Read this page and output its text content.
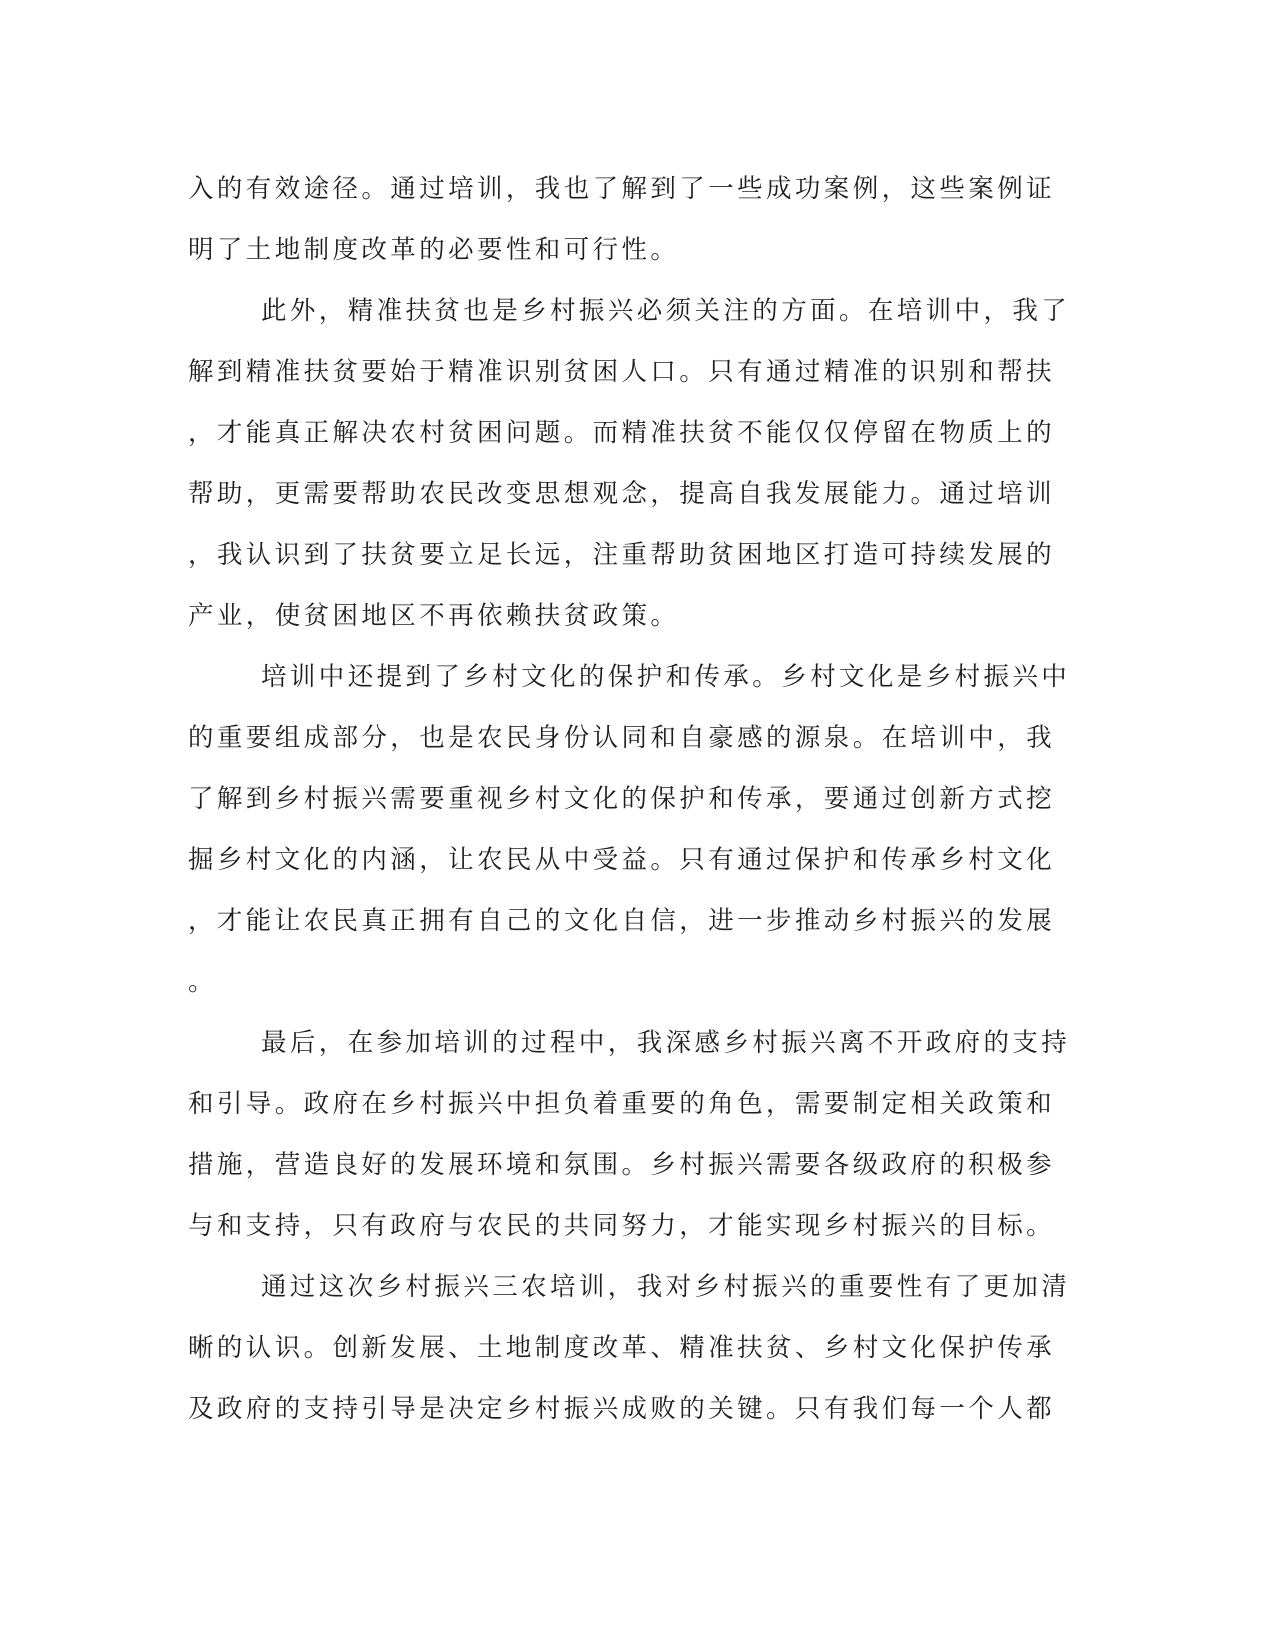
入的有效途径。通过培训，我也了解到了一些成功案例，这些案例证

明了土地制度改革的必要性和可行性。

此外，精准扶贫也是乡村振兴必须关注的方面。在培训中，我了

解到精准扶贫要始于精准识别贫困人口。只有通过精准的识别和帮扶

，才能真正解决农村贫困问题。而精准扶贫不能仅仅停留在物质上的

帮助，更需要帮助农民改变思想观念，提高自我发展能力。通过培训

，我认识到了扶贫要立足长远，注重帮助贫困地区打造可持续发展的

产业，使贫困地区不再依赖扶贫政策。

培训中还提到了乡村文化的保护和传承。乡村文化是乡村振兴中

的重要组成部分，也是农民身份认同和自豪感的源泉。在培训中，我

了解到乡村振兴需要重视乡村文化的保护和传承，要通过创新方式挖

掘乡村文化的内涵，让农民从中受益。只有通过保护和传承乡村文化

，才能让农民真正拥有自己的文化自信，进一步推动乡村振兴的发展

。

最后，在参加培训的过程中，我深感乡村振兴离不开政府的支持

和引导。政府在乡村振兴中担负着重要的角色，需要制定相关政策和

措施，营造良好的发展环境和氛围。乡村振兴需要各级政府的积极参

与和支持，只有政府与农民的共同努力，才能实现乡村振兴的目标。

通过这次乡村振兴三农培训，我对乡村振兴的重要性有了更加清

晰的认识。创新发展、土地制度改革、精准扶贫、乡村文化保护传承

及政府的支持引导是决定乡村振兴成败的关键。只有我们每一个人都
